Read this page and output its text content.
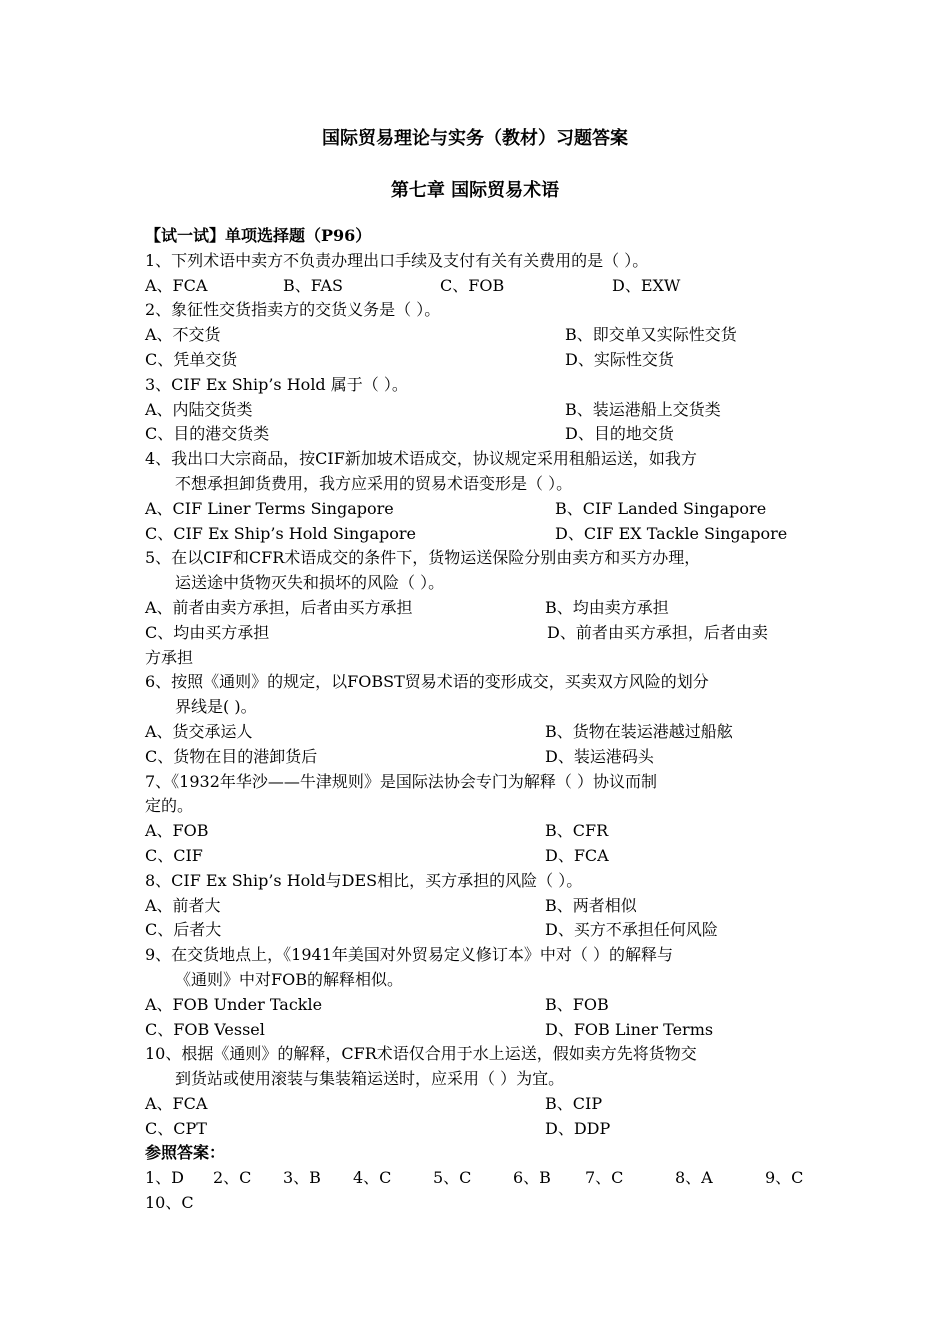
国际贸易理论与实务（教材）习题答案
第七章 国际贸易术语
【试一试】单项选择题（P96）
1、下列术语中卖方不负责办理出口手续及支付有关有关费用的是（ ）。
A、FCA	B、FAS	C、FOB	D、EXW
2、象征性交货指卖方的交货义务是（ ）。
A、不交货	B、即交单又实际性交货
C、凭单交货	D、实际性交货
3、CIF Ex Ship’s Hold 属于（ ）。
A、内陆交货类	B、装运港船上交货类
C、目的港交货类	D、目的地交货
4、我出口大宗商品，按CIF新加坡术语成交，协议规定采用租船运送，如我方
不想承担卸货费用，我方应采用的贸易术语变形是（ ）。
A、CIF Liner Terms Singapore	B、CIF Landed Singapore
C、CIF Ex Ship’s Hold Singapore	D、CIF EX Tackle Singapore
5、在以CIF和CFR术语成交的条件下，货物运送保险分别由卖方和买方办理，
运送途中货物灭失和损坏的风险（ ）。
A、前者由卖方承担，后者由买方承担	B、均由卖方承担
C、均由买方承担	D、前者由买方承担，后者由卖
方承担
6、按照《通则》的规定，以FOBST贸易术语的变形成交，买卖双方风险的划分
界线是( )。
A、货交承运人	B、货物在装运港越过船舷
C、货物在目的港卸货后	D、装运港码头
7、《1932年华沙——牛津规则》是国际法协会专门为解释（ ）协议而制
定的。
A、FOB	B、CFR
C、CIF	D、FCA
8、CIF Ex Ship’s Hold与DES相比，买方承担的风险（ ）。
A、前者大	B、两者相似
C、后者大	D、买方不承担任何风险
9、在交货地点上，《1941年美国对外贸易定义修订本》中对（ ）的解释与
《通则》中对FOB的解释相似。
A、FOB Under Tackle	B、FOB
C、FOB Vessel	D、FOB Liner Terms
10、根据《通则》的解释，CFR术语仅合用于水上运送，假如卖方先将货物交
到货站或使用滚装与集装箱运送时，应采用（ ）为宜。
A、FCA	B、CIP
C、CPT	D、DDP
参照答案：
1、D 2、C 3、B 4、C	5、C	6、B 7、C	8、A	9、C
10、C
